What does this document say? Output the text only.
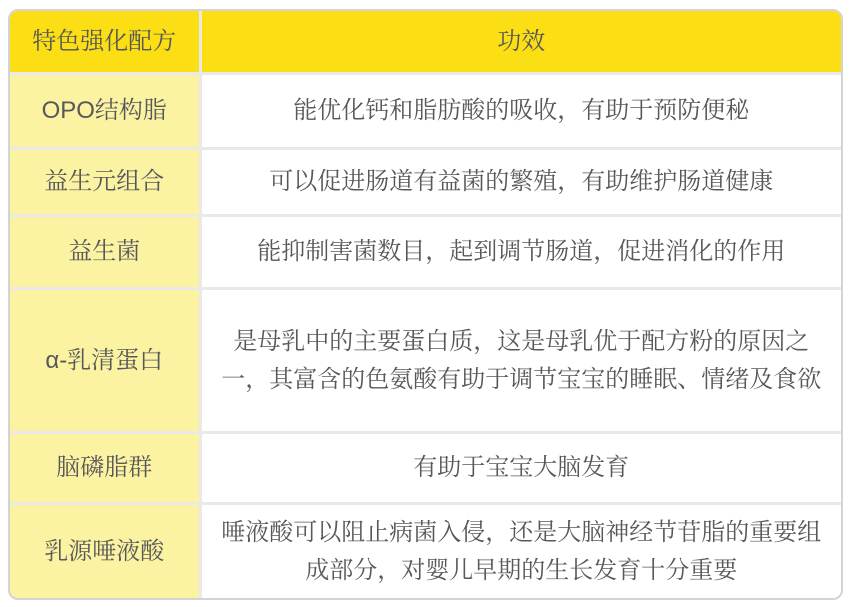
特色强化配方	功效
OPO结构脂	能优化钙和脂肪酸的吸收，有助于预防便秘
益生元组合	可以促进肠道有益菌的繁殖，有助维护肠道健康
益生菌	能抑制害菌数目，起到调节肠道，促进消化的作用
α-乳清蛋白	是母乳中的主要蛋白质，这是母乳优于配方粉的原因之一，其富含的色氨酸有助于调节宝宝的睡眠、情绪及食欲
脑磷脂群	有助于宝宝大脑发育
乳源唾液酸	唾液酸可以阻止病菌入侵，还是大脑神经节苷脂的重要组成部分，对婴儿早期的生长发育十分重要
